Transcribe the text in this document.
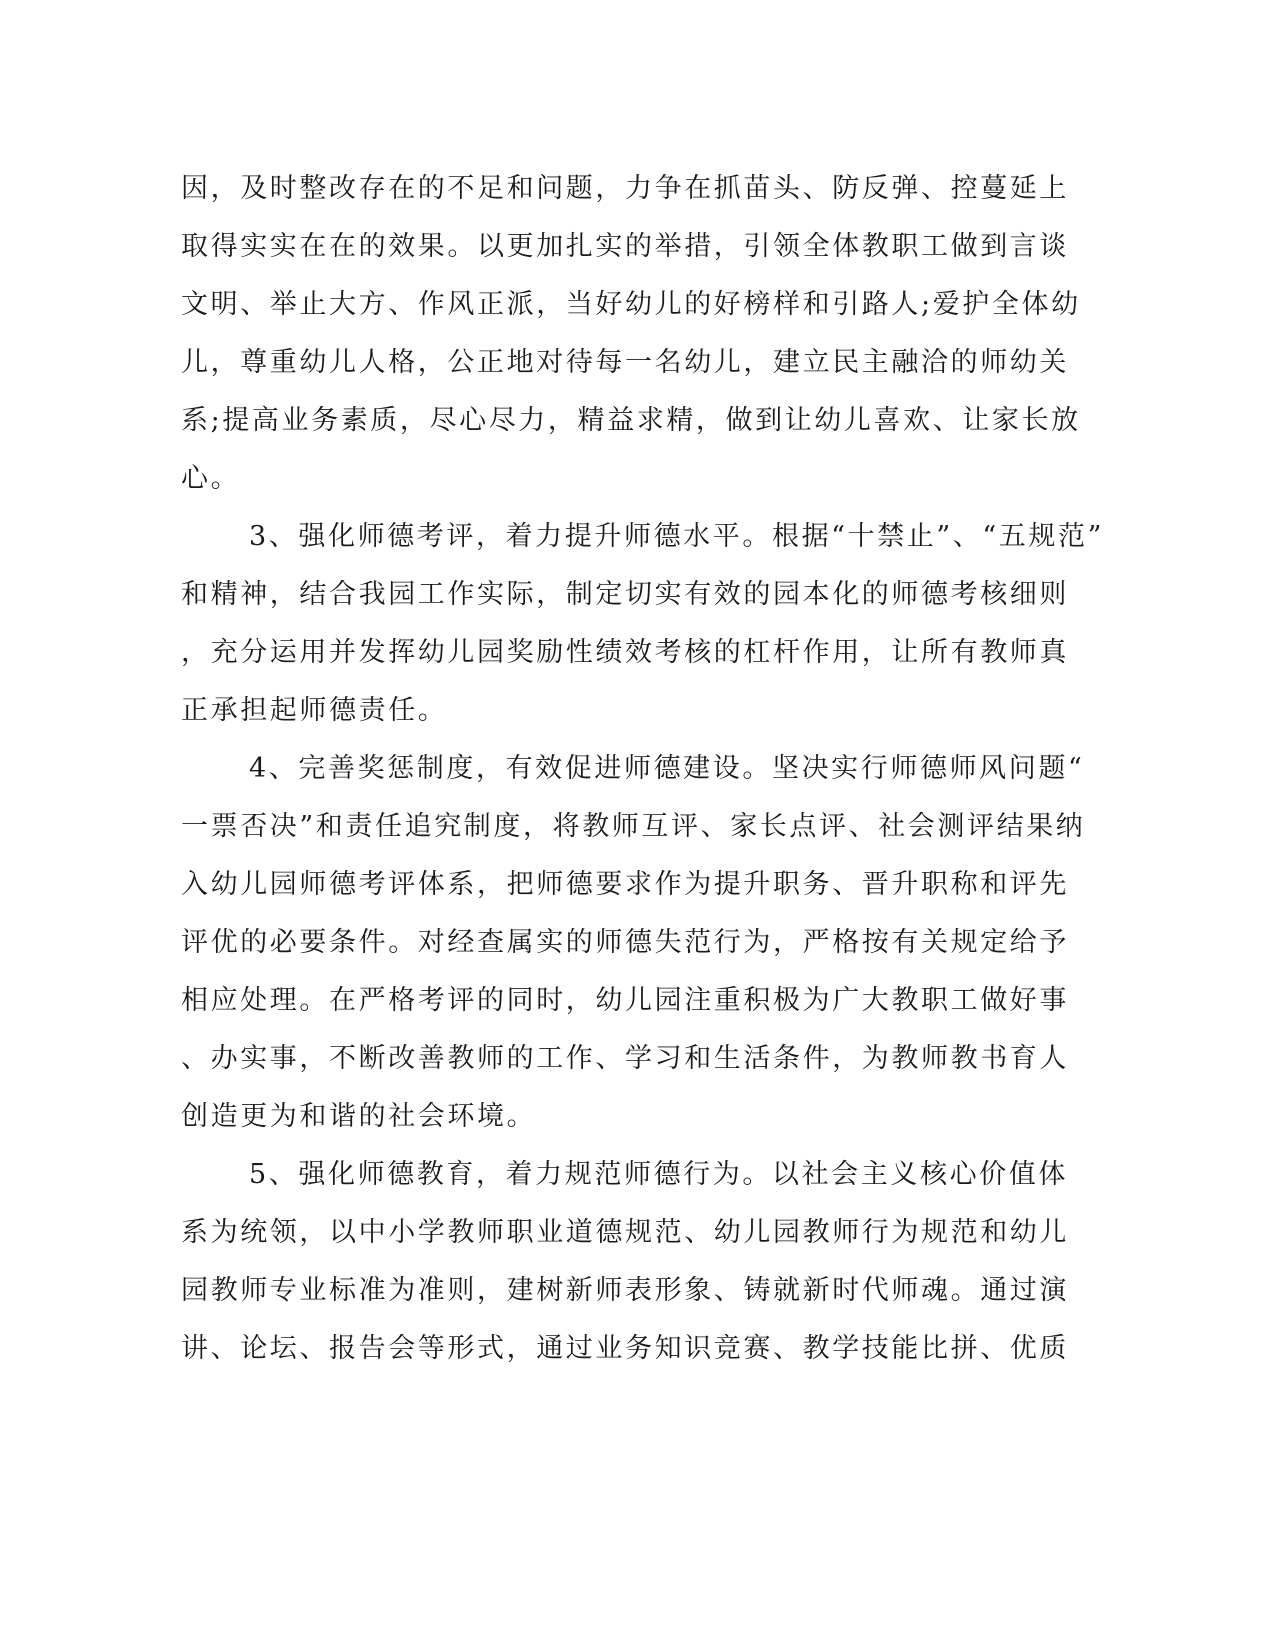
因，及时整改存在的不足和问题，力争在抓苗头、防反弹、控蔓延上
取得实实在在的效果。以更加扎实的举措，引领全体教职工做到言谈
文明、举止大方、作风正派，当好幼儿的好榜样和引路人;爱护全体幼
儿，尊重幼儿人格，公正地对待每一名幼儿，建立民主融洽的师幼关
系;提高业务素质，尽心尽力，精益求精，做到让幼儿喜欢、让家长放
心。
3、强化师德考评，着力提升师德水平。根据“十禁止”、“五规范”
和精神，结合我园工作实际，制定切实有效的园本化的师德考核细则
，充分运用并发挥幼儿园奖励性绩效考核的杠杆作用，让所有教师真
正承担起师德责任。
4、完善奖惩制度，有效促进师德建设。坚决实行师德师风问题“
一票否决”和责任追究制度，将教师互评、家长点评、社会测评结果纳
入幼儿园师德考评体系，把师德要求作为提升职务、晋升职称和评先
评优的必要条件。对经查属实的师德失范行为，严格按有关规定给予
相应处理。在严格考评的同时，幼儿园注重积极为广大教职工做好事
、办实事，不断改善教师的工作、学习和生活条件，为教师教书育人
创造更为和谐的社会环境。
5、强化师德教育，着力规范师德行为。以社会主义核心价值体
系为统领，以中小学教师职业道德规范、幼儿园教师行为规范和幼儿
园教师专业标准为准则，建树新师表形象、铸就新时代师魂。通过演
讲、论坛、报告会等形式，通过业务知识竞赛、教学技能比拼、优质
